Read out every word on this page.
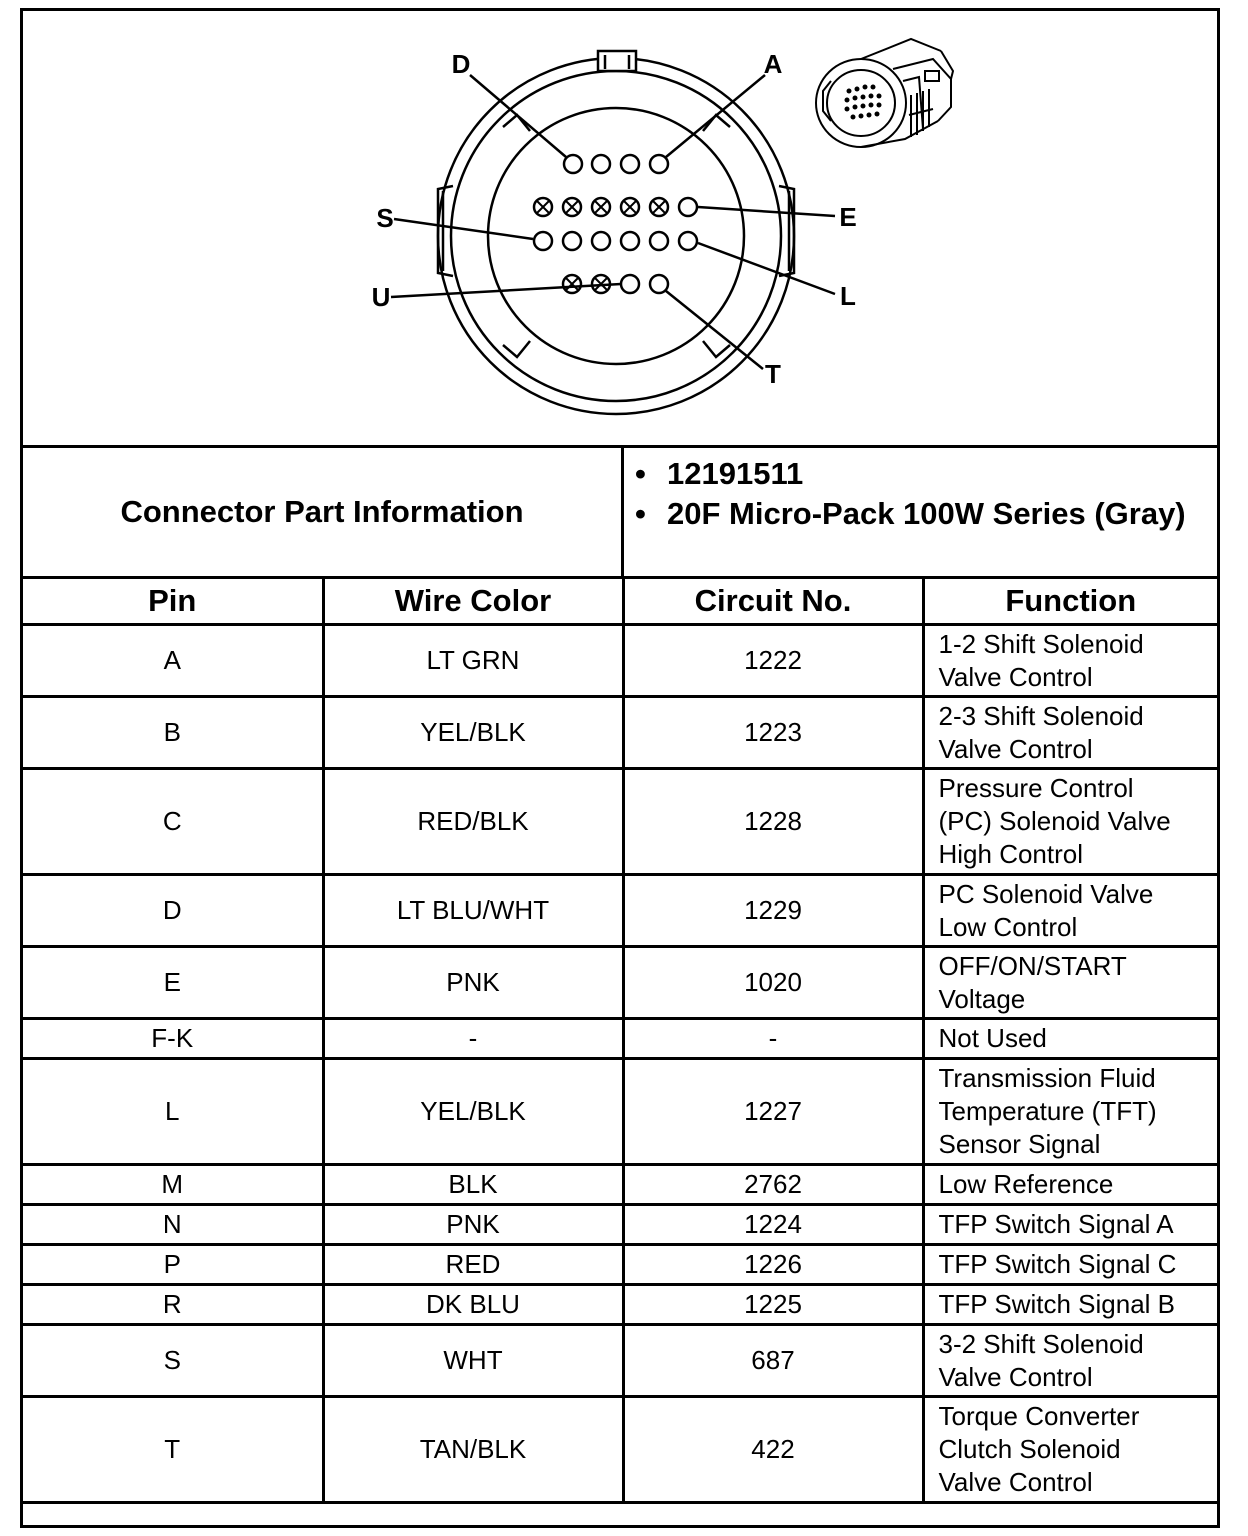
D	A
S	E
U	L
T
Connector Part Information
• 12191511
• 20F Micro-Pack 100W Series (Gray)
Pin	Wire Color	Circuit No.	Function
A	LT GRN	1222	1-2 Shift Solenoid
Valve Control

B	YEL/BLK	1223	2-3 Shift Solenoid
Valve Control

C	RED/BLK	1228	Pressure Control
(PC) Solenoid Valve
High Control

D	LT BLU/WHT	1229	PC Solenoid Valve
Low Control

E	PNK	1020	OFF/ON/START
Voltage

F-K	-	-	Not Used

L	YEL/BLK	1227	Transmission Fluid
Temperature (TFT)
Sensor Signal

M	BLK	2762	Low Reference

N	PNK	1224	TFP Switch Signal A

P	RED	1226	TFP Switch Signal C

R	DK BLU	1225	TFP Switch Signal B

S	WHT	687	3-2 Shift Solenoid
Valve Control

T	TAN/BLK	422	Torque Converter
Clutch Solenoid
Valve Control
